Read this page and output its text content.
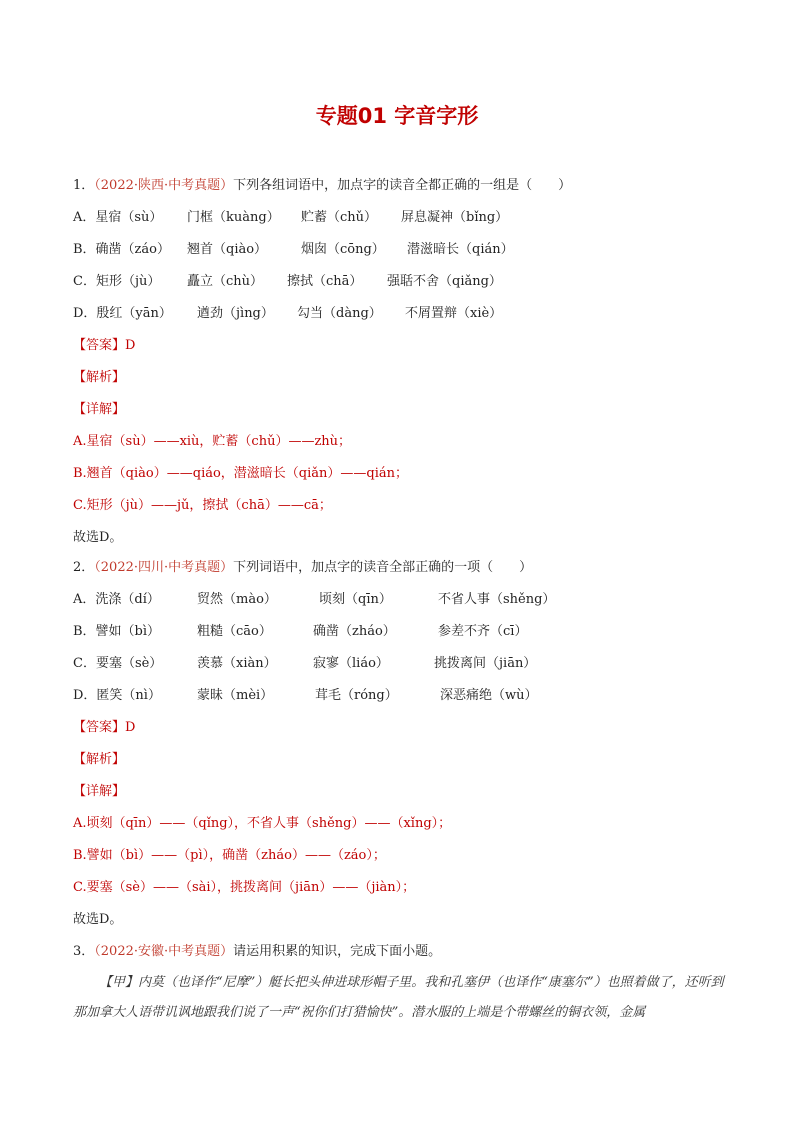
专题01 字音字形
1．（2022·陕西·中考真题）下列各组词语中，加点字的读音全都正确的一组是（　　）
A．星宿（sù） 门框（kuàng） 贮蓄（chǔ） 屏息凝神（bǐng）
B．确凿（záo） 翘首（qiào）	烟囱（cōng） 潜滋暗长（qián）
C．矩形（jù） 矗立（chù） 擦拭（chā） 强聒不舍（qiǎng）
D．殷红（yān） 遒劲（jìng） 勾当（dàng） 不屑置辩（xiè）
【答案】D
【解析】
【详解】
A.星宿（sù）——xiù，贮蓄（chǔ）——zhù；
B.翘首（qiào）——qiáo，潜滋暗长（qiǎn）——qián；
C.矩形（jù）——jǔ，擦拭（chā）——cā；
故选D。
2．（2022·四川·中考真题）下列词语中，加点字的读音全部正确的一项（　　）
A．洗涤（dí）	贸然（mào）	顷刻（qīn）	不省人事（shěng）
B．譬如（bì）	粗糙（cāo）	确凿（zháo）	参差不齐（cī）
C．要塞（sè）	羡慕（xiàn）	寂寥（liáo）	挑拨离间（jiān）
D．匿笑（nì）	蒙昧（mèi）	茸毛（róng）	深恶痛绝（wù）
【答案】D
【解析】
【详解】
A.顷刻（qīn）——（qǐng），不省人事（shěng）——（xǐng）；
B.譬如（bì）——（pì），确凿（zháo）——（záo）；
C.要塞（sè）——（sài），挑拨离间（jiān）——（jiàn）；
故选D。
3．（2022·安徽·中考真题）请运用积累的知识，完成下面小题。
【甲】内莫（也译作“尼摩”）艇长把头伸进球形帽子里。我和孔塞伊（也译作“康塞尔”）也照着做了，还听到那加拿大人语带讥讽地跟我们说了一声“祝你们打猎愉快”。潜水服的上端是个带螺丝的铜衣领，金属
